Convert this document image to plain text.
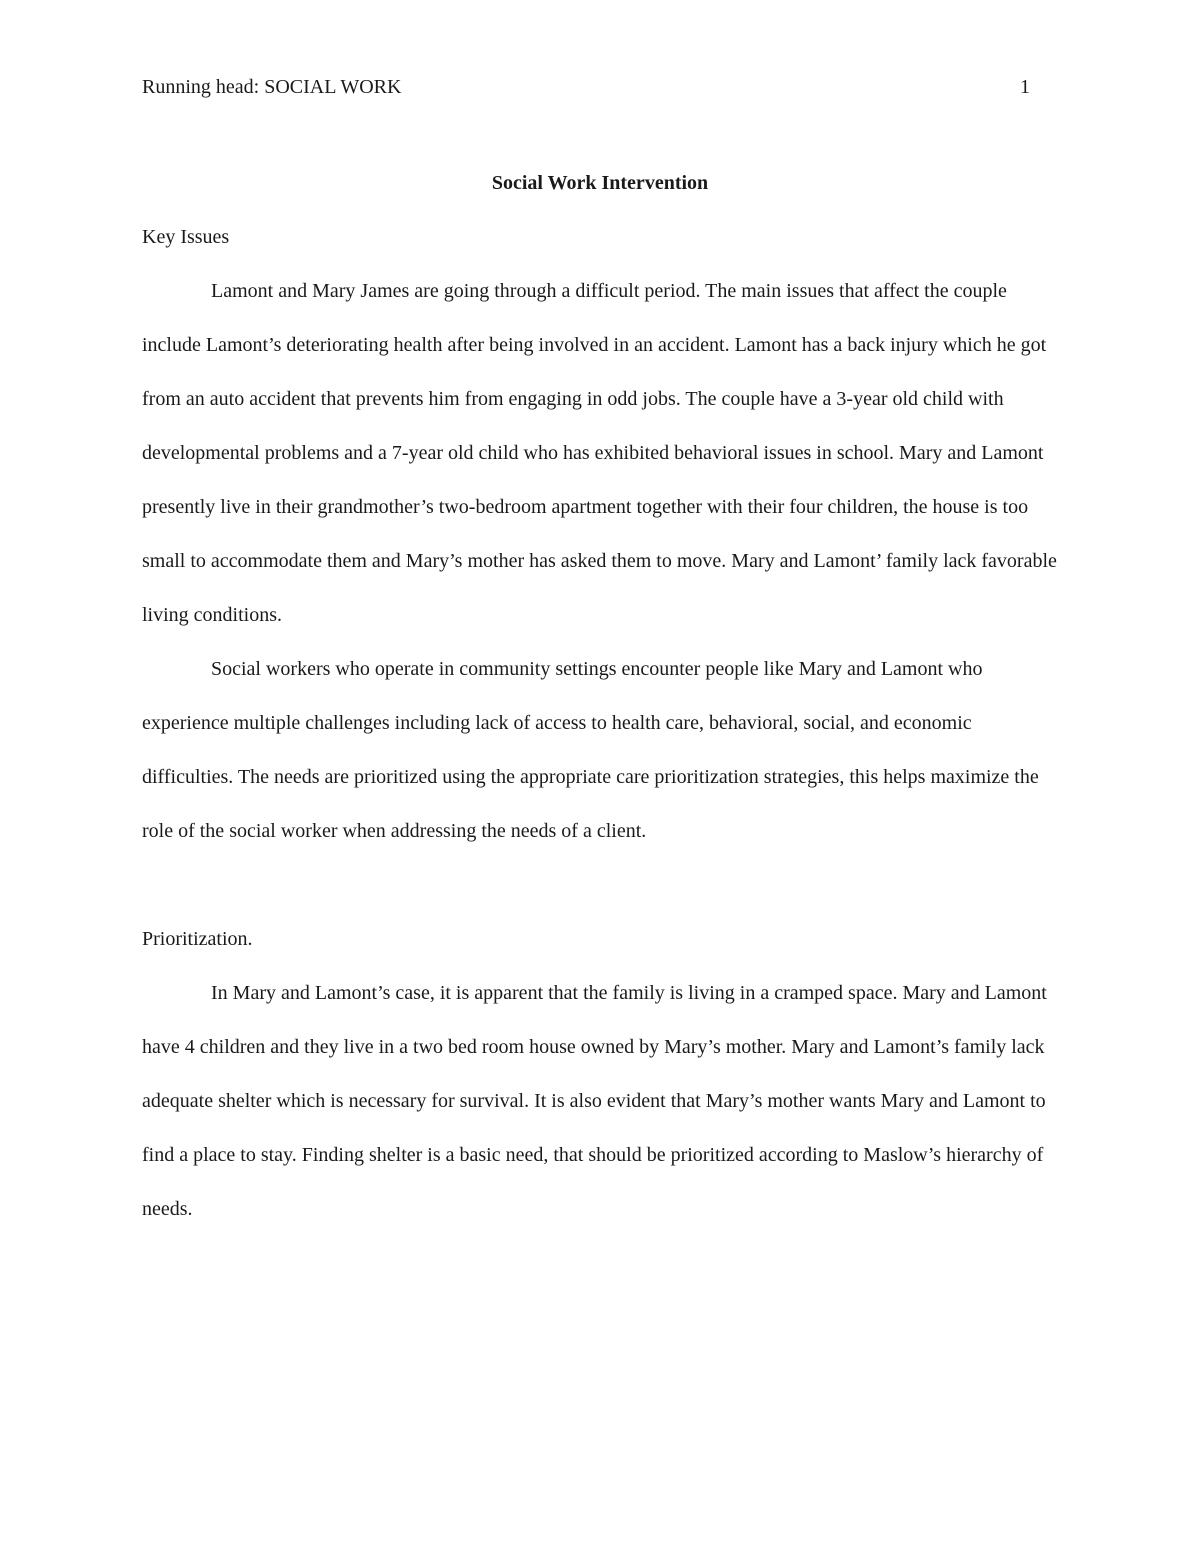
Running head: SOCIAL WORK	1

Social Work Intervention

Key Issues

Lamont and Mary James are going through a difficult period. The main issues that affect the couple include Lamont’s deteriorating health after being involved in an accident. Lamont has a back injury which he got from an auto accident that prevents him from engaging in odd jobs. The couple have a 3-year old child with developmental problems and a 7-year old child who has exhibited behavioral issues in school. Mary and Lamont presently live in their grandmother’s two-bedroom apartment together with their four children, the house is too small to accommodate them and Mary’s mother has asked them to move. Mary and Lamont’ family lack favorable living conditions.

Social workers who operate in community settings encounter people like Mary and Lamont who experience multiple challenges including lack of access to health care, behavioral, social, and economic difficulties. The needs are prioritized using the appropriate care prioritization strategies, this helps maximize the role of the social worker when addressing the needs of a client.

Prioritization.

In Mary and Lamont’s case, it is apparent that the family is living in a cramped space. Mary and Lamont have 4 children and they live in a two bed room house owned by Mary’s mother. Mary and Lamont’s family lack adequate shelter which is necessary for survival. It is also evident that Mary’s mother wants Mary and Lamont to find a place to stay. Finding shelter is a basic need, that should be prioritized according to Maslow’s hierarchy of needs.
